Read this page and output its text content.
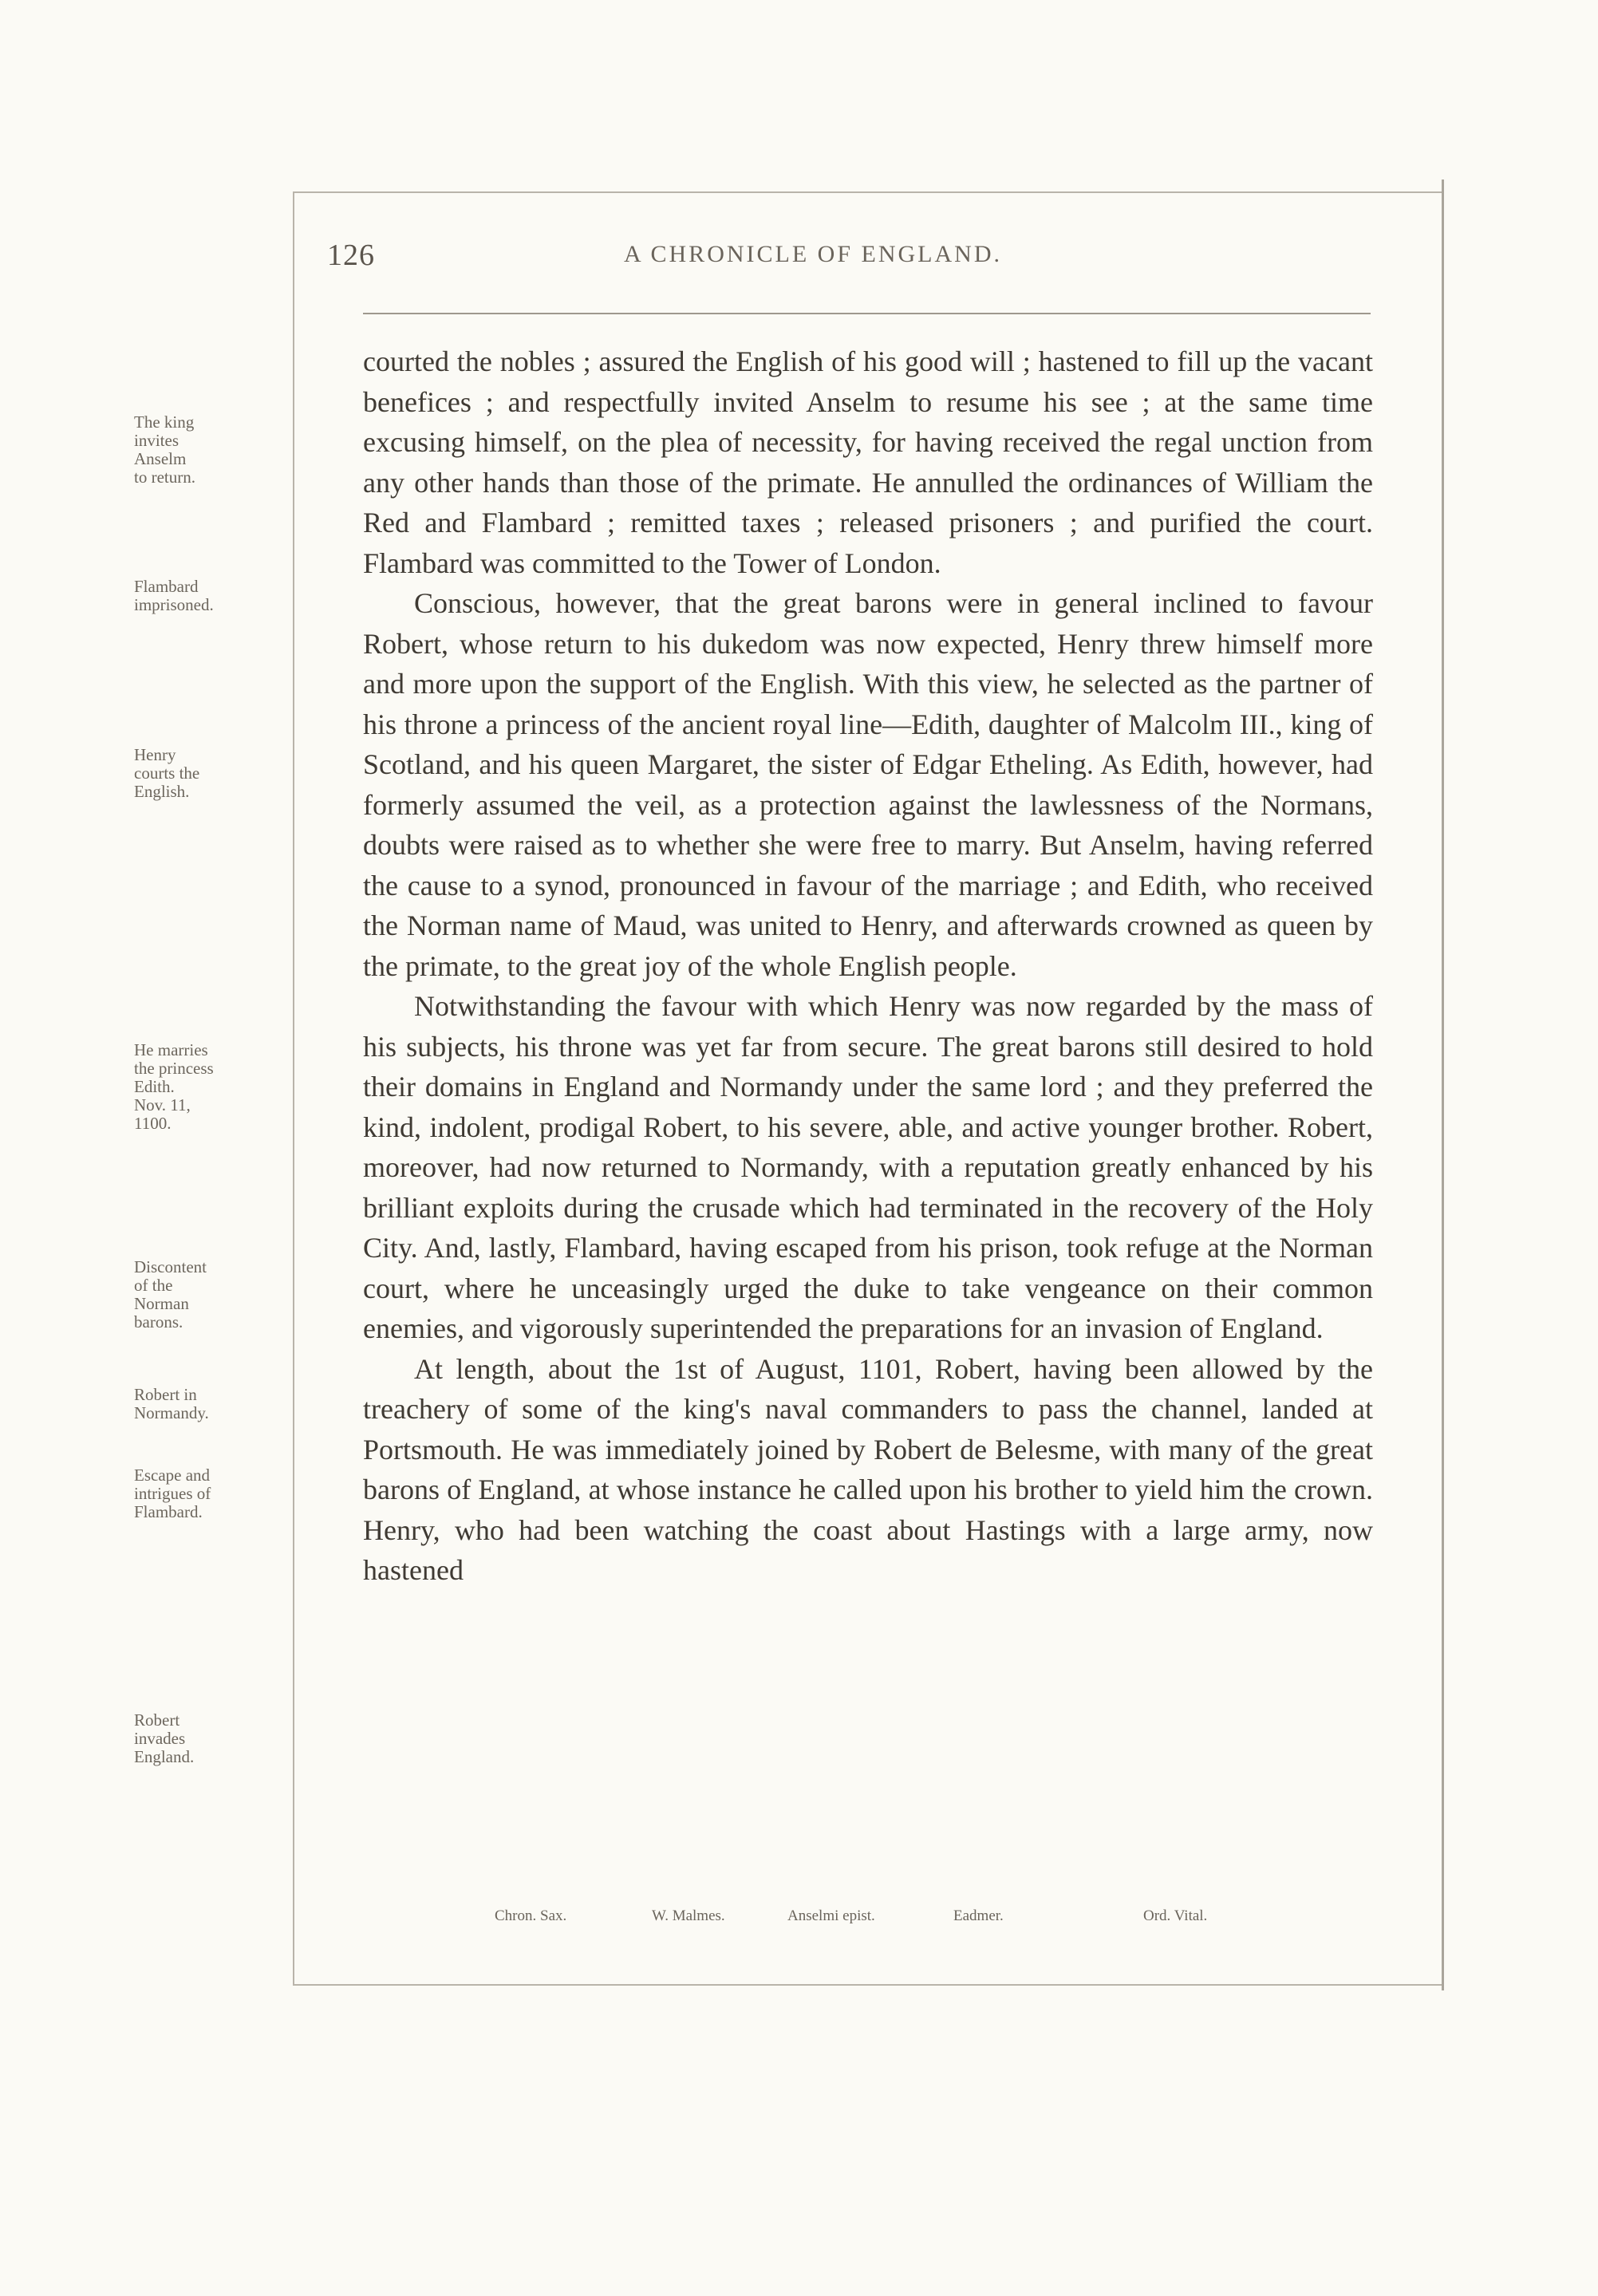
126	A CHRONICLE OF ENGLAND.
The king
invites
Anselm
to return.
Flambard
imprisoned.
Henry
courts the
English.
He marries
the princess
Edith.
Nov. 11,
1100.
Discontent
of the
Norman
barons.
Robert in
Normandy.
Escape and
intrigues of
Flambard.
Robert
invades
England.

courted the nobles ; assured the English of his good will ; hastened to fill up the vacant benefices ; and respectfully invited Anselm to resume his see ; at the same time excusing himself, on the plea of necessity, for having received the regal unction from any other hands than those of the primate. He annulled the ordinances of William the Red and Flambard ; remitted taxes ; released prisoners ; and purified the court. Flambard was committed to the Tower of London.

Conscious, however, that the great barons were in general inclined to favour Robert, whose return to his dukedom was now expected, Henry threw himself more and more upon the support of the English. With this view, he selected as the partner of his throne a princess of the ancient royal line—Edith, daughter of Malcolm III., king of Scotland, and his queen Margaret, the sister of Edgar Etheling. As Edith, however, had formerly assumed the veil, as a protection against the lawlessness of the Normans, doubts were raised as to whether she were free to marry. But Anselm, having referred the cause to a synod, pronounced in favour of the marriage ; and Edith, who received the Norman name of Maud, was united to Henry, and afterwards crowned as queen by the primate, to the great joy of the whole English people.

Notwithstanding the favour with which Henry was now regarded by the mass of his subjects, his throne was yet far from secure. The great barons still desired to hold their domains in England and Normandy under the same lord ; and they preferred the kind, indolent, prodigal Robert, to his severe, able, and active younger brother. Robert, moreover, had now returned to Normandy, with a reputation greatly enhanced by his brilliant exploits during the crusade which had terminated in the recovery of the Holy City. And, lastly, Flambard, having escaped from his prison, took refuge at the Norman court, where he unceasingly urged the duke to take vengeance on their common enemies, and vigorously superintended the preparations for an invasion of England.

At length, about the 1st of August, 1101, Robert, having been allowed by the treachery of some of the king's naval commanders to pass the channel, landed at Portsmouth. He was immediately joined by Robert de Belesme, with many of the great barons of England, at whose instance he called upon his brother to yield him the crown. Henry, who had been watching the coast about Hastings with a large army, now hastened

Chron. Sax.	W. Malmes.	Anselmi epist.	Eadmer.	Ord. Vital.
